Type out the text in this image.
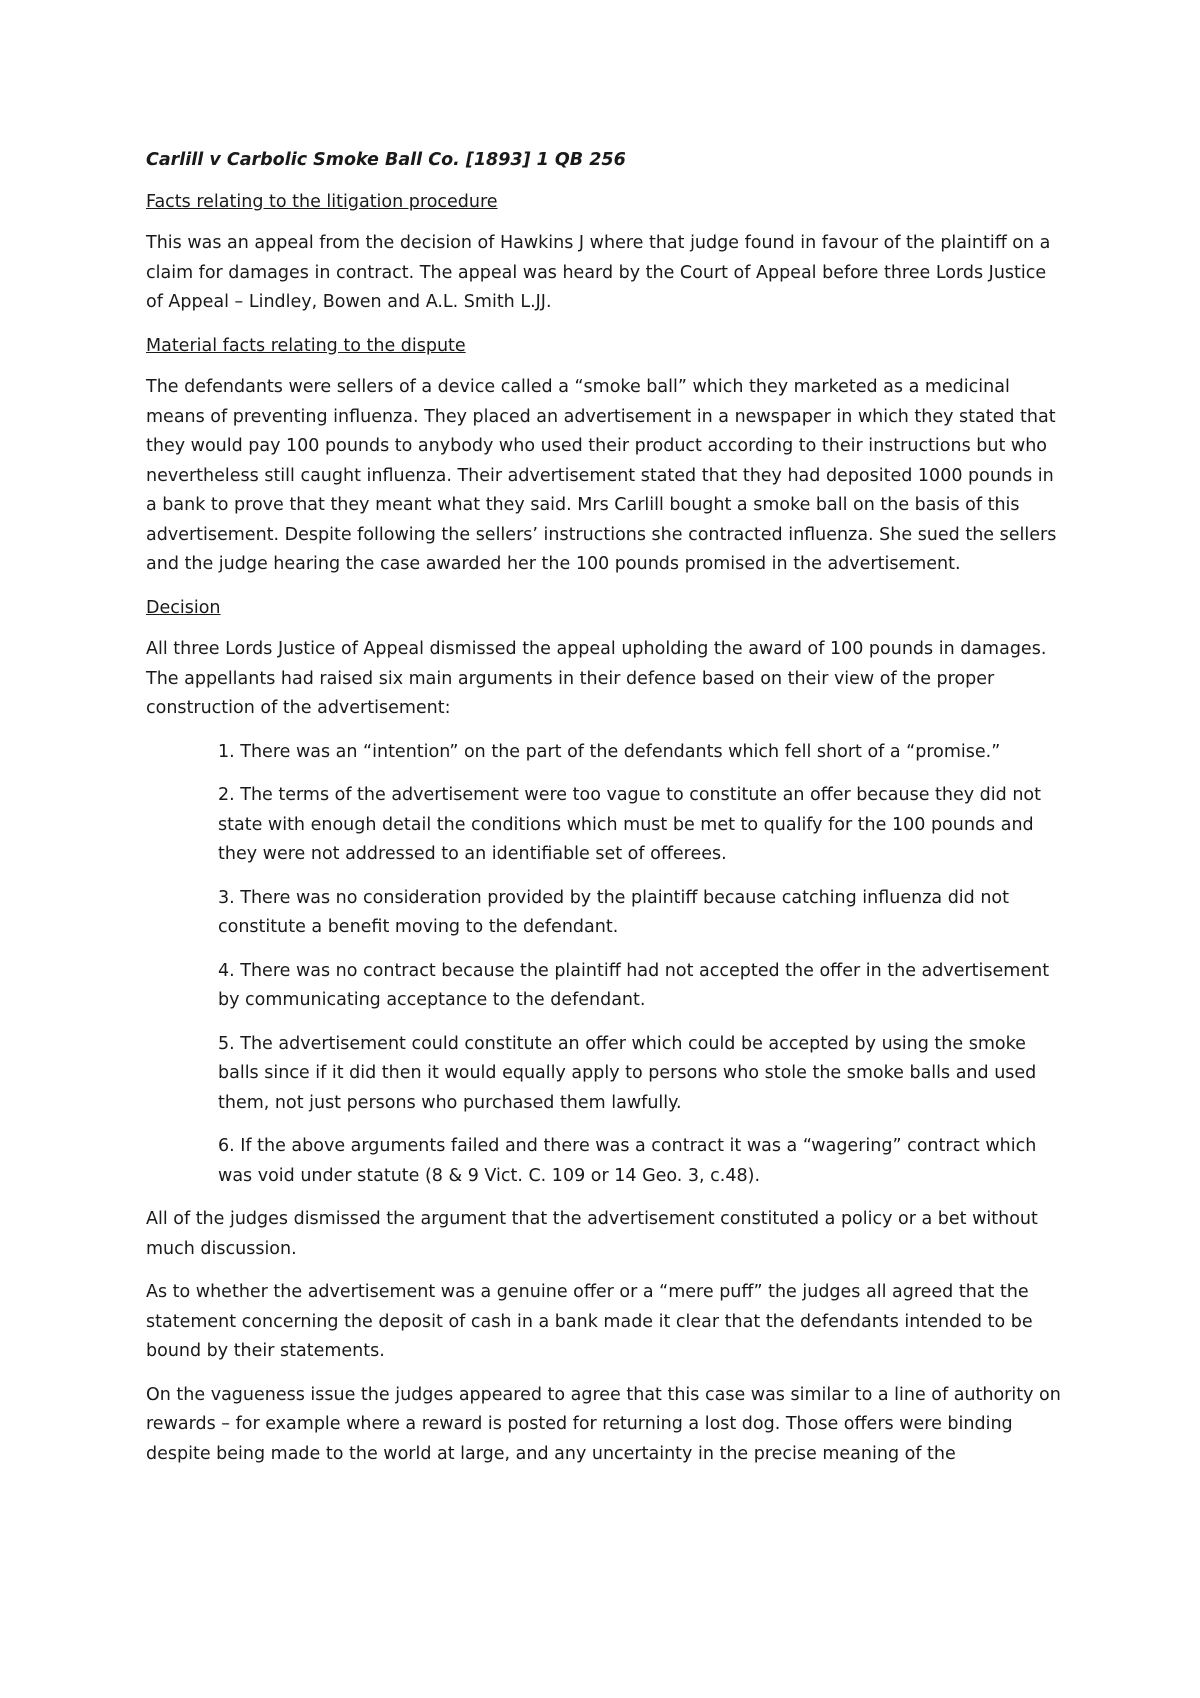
Carlill v Carbolic Smoke Ball Co. [1893] 1 QB 256
Facts relating to the litigation procedure

This was an appeal from the decision of Hawkins J where that judge found in favour of the plaintiff on a claim for damages in contract. The appeal was heard by the Court of Appeal before three Lords Justice of Appeal – Lindley, Bowen and A.L. Smith L.JJ.

Material facts relating to the dispute

The defendants were sellers of a device called a “smoke ball” which they marketed as a medicinal means of preventing influenza. They placed an advertisement in a newspaper in which they stated that they would pay 100 pounds to anybody who used their product according to their instructions but who nevertheless still caught influenza. Their advertisement stated that they had deposited 1000 pounds in a bank to prove that they meant what they said. Mrs Carlill bought a smoke ball on the basis of this advertisement. Despite following the sellers’ instructions she contracted influenza. She sued the sellers and the judge hearing the case awarded her the 100 pounds promised in the advertisement.

Decision

All three Lords Justice of Appeal dismissed the appeal upholding the award of 100 pounds in damages. The appellants had raised six main arguments in their defence based on their view of the proper construction of the advertisement:

1. There was an “intention” on the part of the defendants which fell short of a “promise.”
2. The terms of the advertisement were too vague to constitute an offer because they did not state with enough detail the conditions which must be met to qualify for the 100 pounds and they were not addressed to an identifiable set of offerees.
3. There was no consideration provided by the plaintiff because catching influenza did not constitute a benefit moving to the defendant.
4. There was no contract because the plaintiff had not accepted the offer in the advertisement by communicating acceptance to the defendant.
5. The advertisement could constitute an offer which could be accepted by using the smoke balls since if it did then it would equally apply to persons who stole the smoke balls and used them, not just persons who purchased them lawfully.
6. If the above arguments failed and there was a contract it was a “wagering” contract which was void under statute (8 & 9 Vict. C. 109 or 14 Geo. 3, c.48).

All of the judges dismissed the argument that the advertisement constituted a policy or a bet without much discussion.

As to whether the advertisement was a genuine offer or a “mere puff” the judges all agreed that the statement concerning the deposit of cash in a bank made it clear that the defendants intended to be bound by their statements.

On the vagueness issue the judges appeared to agree that this case was similar to a line of authority on rewards – for example where a reward is posted for returning a lost dog. Those offers were binding despite being made to the world at large, and any uncertainty in the precise meaning of the
